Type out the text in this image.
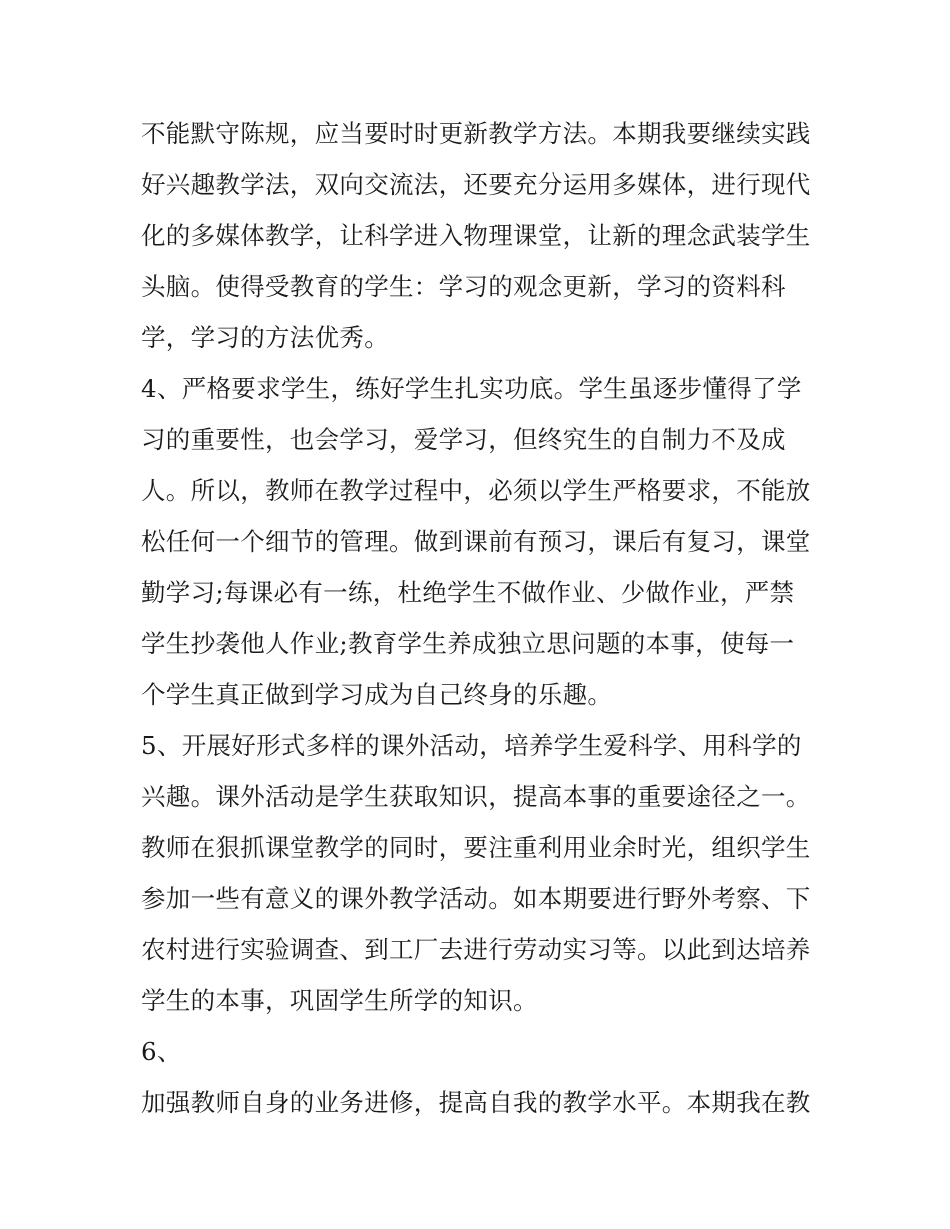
不能默守陈规，应当要时时更新教学方法。本期我要继续实践
好兴趣教学法，双向交流法，还要充分运用多媒体，进行现代
化的多媒体教学，让科学进入物理课堂，让新的理念武装学生
头脑。使得受教育的学生：学习的观念更新，学习的资料科
学，学习的方法优秀。
4、严格要求学生，练好学生扎实功底。学生虽逐步懂得了学
习的重要性，也会学习，爱学习，但终究生的自制力不及成
人。所以，教师在教学过程中，必须以学生严格要求，不能放
松任何一个细节的管理。做到课前有预习，课后有复习，课堂
勤学习;每课必有一练，杜绝学生不做作业、少做作业，严禁
学生抄袭他人作业;教育学生养成独立思问题的本事，使每一
个学生真正做到学习成为自己终身的乐趣。
5、开展好形式多样的课外活动，培养学生爱科学、用科学的
兴趣。课外活动是学生获取知识，提高本事的重要途径之一。
教师在狠抓课堂教学的同时，要注重利用业余时光，组织学生
参加一些有意义的课外教学活动。如本期要进行野外考察、下
农村进行实验调查、到工厂去进行劳动实习等。以此到达培养
学生的本事，巩固学生所学的知识。
6、
加强教师自身的业务进修，提高自我的教学水平。本期我在教
